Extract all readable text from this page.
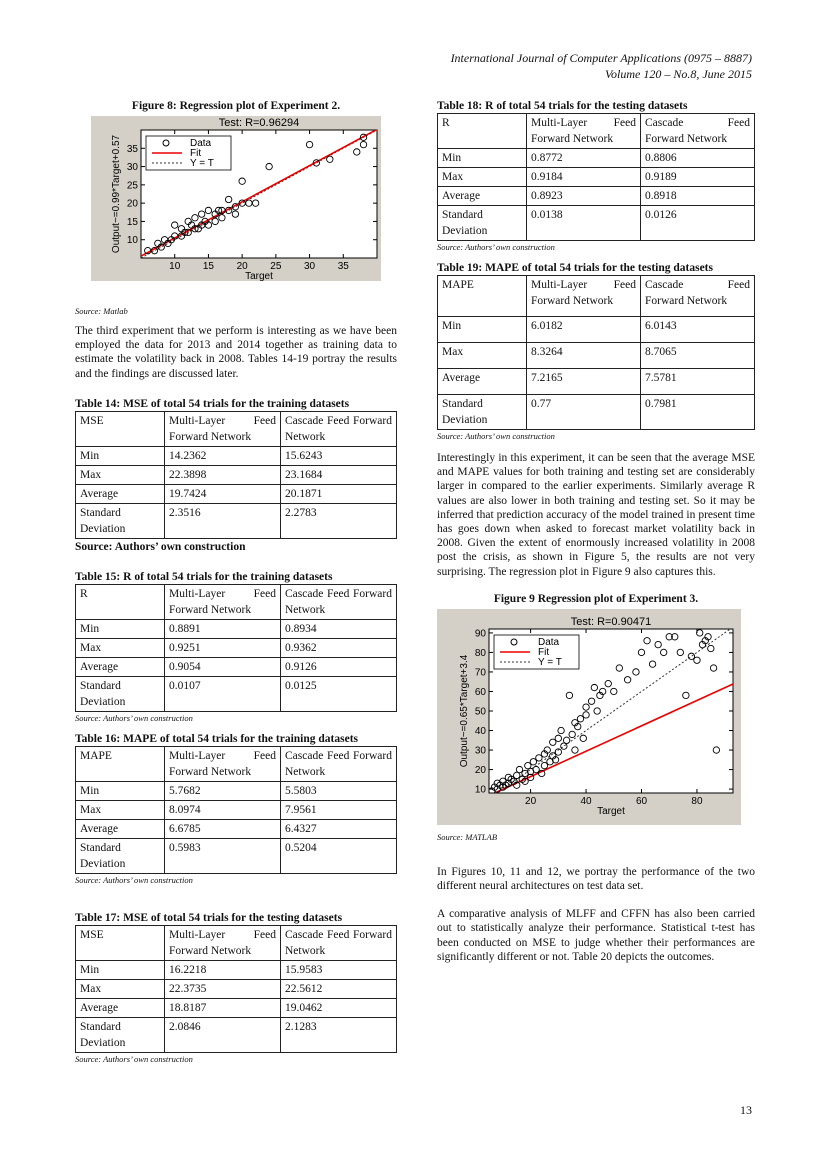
International Journal of Computer Applications (0975 – 8887)
Volume 120 – No.8, June 2015
Figure 8: Regression plot of Experiment 2.
Test: R=0.96294
10 15 20 25 30 35
10
15
20
25
30
35
Target
Output~=0.99*Target+0.57	Data
Fit
Y = T
Source: Matlab

The third experiment that we perform is interesting as we have been employed the data for 2013 and 2014 together as training data to estimate the volatility back in 2008. Tables 14-19 portray the results and the findings are discussed later.

Table 14: MSE of total 54 trials for the training datasets
MSE	Multi-Layer Feed Forward Network	Cascade Feed Forward Network
Min	14.2362	15.6243
Max	22.3898	23.1684
Average	19.7424	20.1871
Standard Deviation	2.3516	2.2783
Source: Authors’ own construction
Table 15: R of total 54 trials for the training datasets
R	Multi-Layer Feed Forward Network	Cascade Feed Forward Network
Min	0.8891	0.8934
Max	0.9251	0.9362
Average	0.9054	0.9126
Standard Deviation	0.0107	0.0125
Source: Authors’ own construction
Table 16: MAPE of total 54 trials for the training datasets
MAPE	Multi-Layer Feed Forward Network	Cascade Feed Forward Network
Min	5.7682	5.5803
Max	8.0974	7.9561
Average	6.6785	6.4327
Standard Deviation	0.5983	0.5204
Source: Authors’ own construction
Table 17: MSE of total 54 trials for the testing datasets
MSE	Multi-Layer Feed Forward Network	Cascade Feed Forward Network
Min	16.2218	15.9583
Max	22.3735	22.5612
Average	18.8187	19.0462
Standard Deviation	2.0846	2.1283
Source: Authors’ own construction
Table 18: R of total 54 trials for the testing datasets
R	Multi-Layer Feed Forward Network	Cascade Feed Forward Network
Min	0.8772	0.8806
Max	0.9184	0.9189
Average	0.8923	0.8918
Standard Deviation	0.0138	0.0126
Source: Authors’ own construction
Table 19: MAPE of total 54 trials for the testing datasets
MAPE	Multi-Layer Feed Forward Network	Cascade Feed Forward Network
Min	6.0182	6.0143
Max	8.3264	8.7065
Average	7.2165	7.5781
Standard Deviation	0.77	0.7981
Source: Authors’ own construction

Interestingly in this experiment, it can be seen that the average MSE and MAPE values for both training and testing set are considerably larger in compared to the earlier experiments. Similarly average R values are also lower in both training and testing set. So it may be inferred that prediction accuracy of the model trained in present time has goes down when asked to forecast market volatility back in 2008. Given the extent of enormously increased volatility in 2008 post the crisis, as shown in Figure 5, the results are not very surprising. The regression plot in Figure 9 also captures this.

Figure 9 Regression plot of Experiment 3.
Test: R=0.90471
20	40	60	80
10
20
30
40
50
60
70
80
90
Target
Output~=0.65*Target+3.4
Data
Fit
Y = T
Source: MATLAB

In Figures 10, 11 and 12, we portray the performance of the two different neural architectures on test data set.

A comparative analysis of MLFF and CFFN has also been carried out to statistically analyze their performance. Statistical t-test has been conducted on MSE to judge whether their performances are significantly different or not. Table 20 depicts the outcomes.

13
